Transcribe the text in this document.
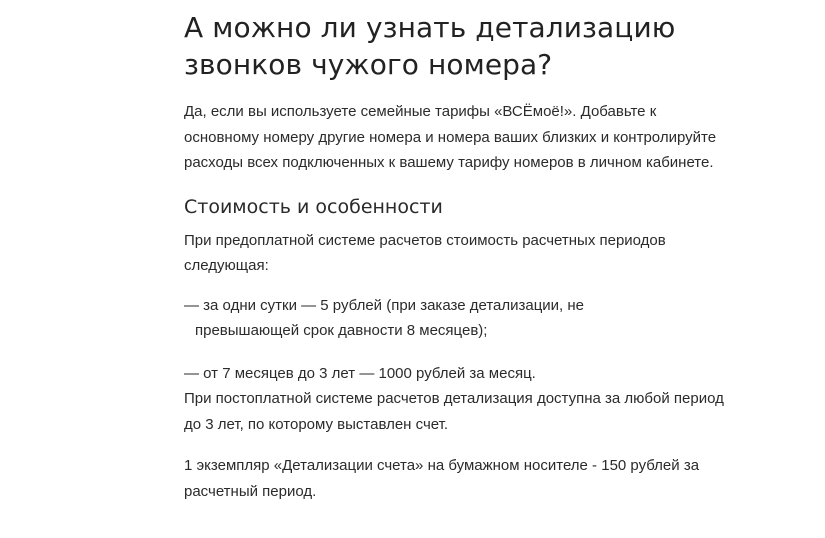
А можно ли узнать детализацию звонков чужого номера?

Да, если вы используете семейные тарифы «ВСЁмоё!». Добавьте к основному номеру другие номера и номера ваших близких и контролируйте расходы всех подключенных к вашему тарифу номеров в личном кабинете.

Стоимость и особенности

При предоплатной системе расчетов стоимость расчетных периодов следующая:

— за одни сутки — 5 рублей (при заказе детализации, не
превышающей срок давности 8 месяцев);
— от 7 месяцев до 3 лет — 1000 рублей за месяц.

При постоплатной системе расчетов детализация доступна за любой период до 3 лет, по которому выставлен счет.

1 экземпляр «Детализации счета» на бумажном носителе - 150 рублей за расчетный период.
